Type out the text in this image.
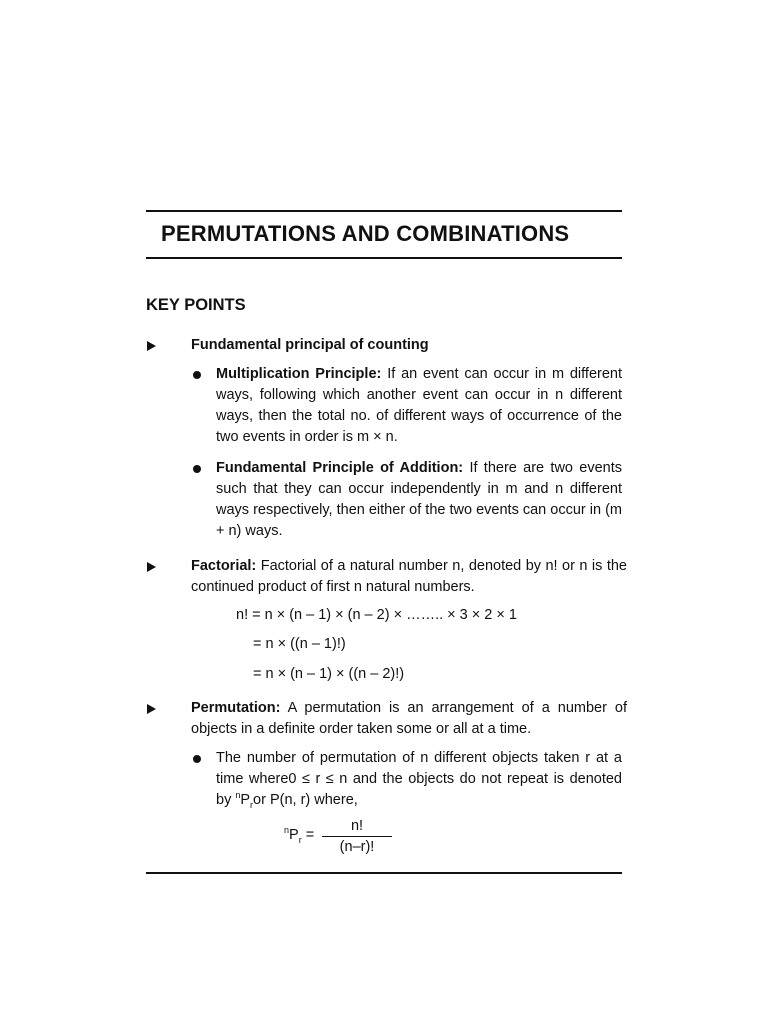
PERMUTATIONS AND COMBINATIONS
KEY POINTS
Fundamental principal of counting
Multiplication Principle: If an event can occur in m different ways, following which another event can occur in n different ways, then the total no. of different ways of occurrence of the two events in order is m × n.
Fundamental Principle of Addition: If there are two events such that they can occur independently in m and n different ways respectively, then either of the two events can occur in (m + n) ways.
Factorial: Factorial of a natural number n, denoted by n! or n is the continued product of first n natural numbers.
n! = n × (n – 1) × (n – 2) × …….. × 3 × 2 × 1
= n × ((n – 1)!)
= n × (n – 1) × ((n – 2)!)
Permutation: A permutation is an arrangement of a number of objects in a definite order taken some or all at a time.
The number of permutation of n different objects taken r at a time where0 ≤ r ≤ n and the objects do not repeat is denoted by $^nP_ror$ P(n, r) where,
$^nP_r$ =
n!
(n–r)!
